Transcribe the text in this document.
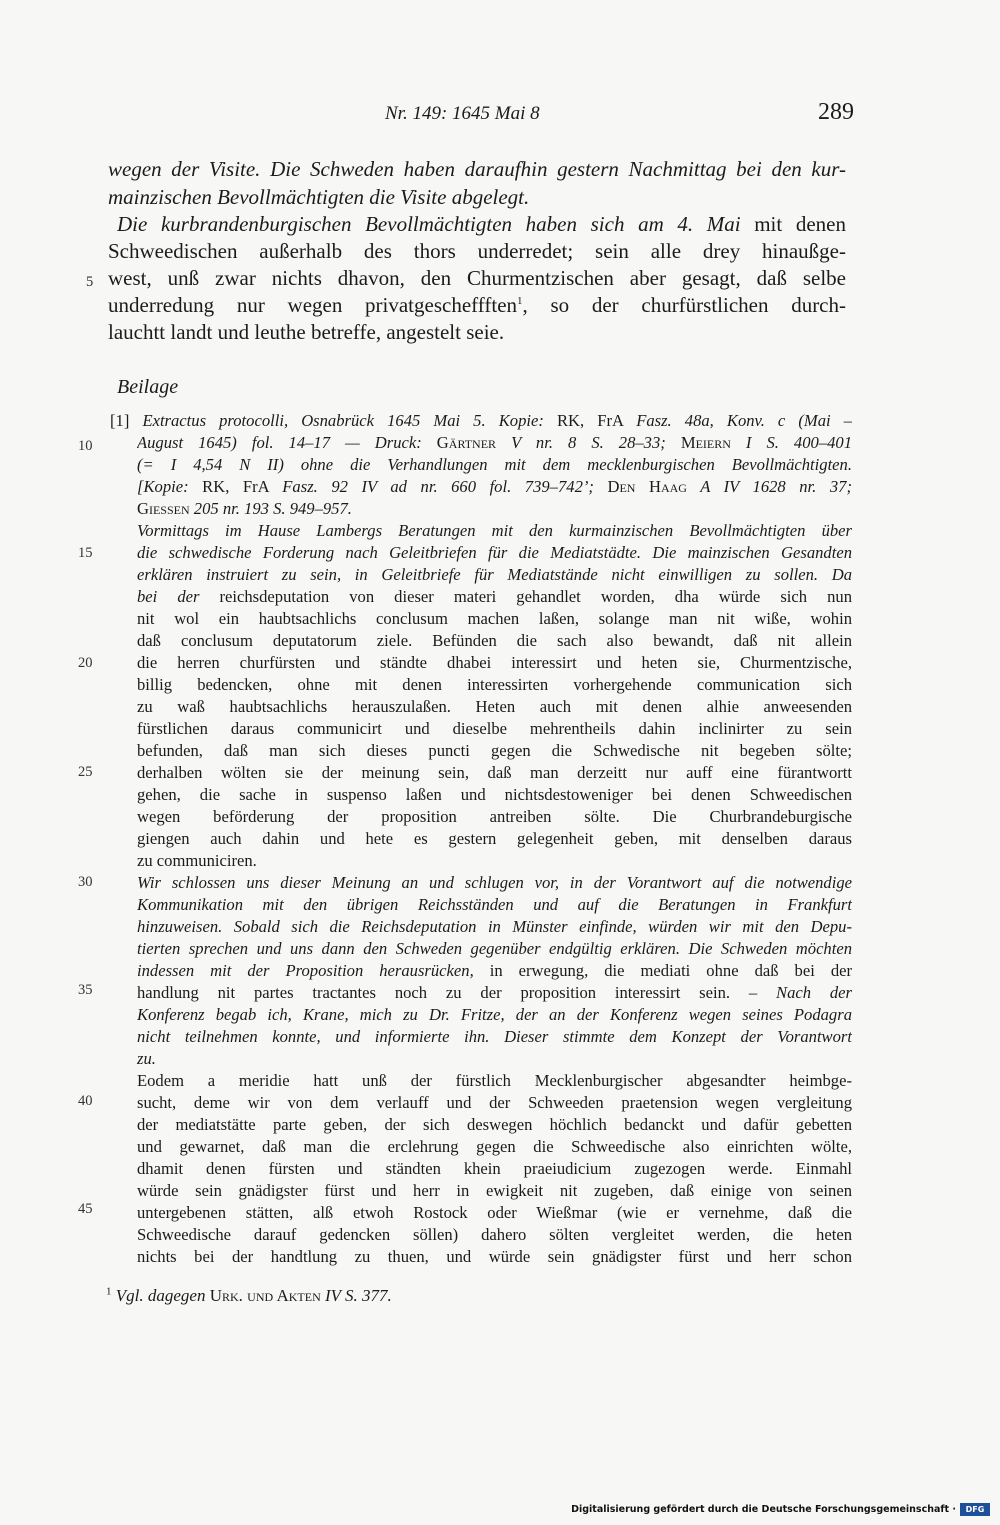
Nr. 149: 1645 Mai 8	289
wegen der Visite. Die Schweden haben daraufhin gestern Nachmittag bei den kur-
mainzischen Bevollmächtigten die Visite abgelegt.
Die kurbrandenburgischen Bevollmächtigten haben sich am 4. Mai mit denen
Schweedischen außerhalb des thors underredet; sein alle drey hinaußge-
west, unß zwar nichts dhavon, den Churmentzischen aber gesagt, daß selbe
underredung nur wegen privatgescheffften$^1$, so der churfürstlichen durch-
lauchtt landt und leuthe betreffe, angestelt seie.
Beilage
[1] Extractus protocolli, Osnabrück 1645 Mai 5. Kopie: RK, FrA Fasz. 48a, Konv. c (Mai –
August 1645) fol. 14–17 — Druck: Gärtner V nr. 8 S. 28–33; Meiern I S. 400–401
(= I 4,54 N II) ohne die Verhandlungen mit dem mecklenburgischen Bevollmächtigten.
[Kopie: RK, FrA Fasz. 92 IV ad nr. 660 fol. 739–742’; Den Haag A IV 1628 nr. 37;
Giessen 205 nr. 193 S. 949–957.
Vormittags im Hause Lambergs Beratungen mit den kurmainzischen Bevollmächtigten über
die schwedische Forderung nach Geleitbriefen für die Mediatstädte. Die mainzischen Gesandten
erklären instruiert zu sein, in Geleitbriefe für Mediatstände nicht einwilligen zu sollen. Da
bei der reichsdeputation von dieser materi gehandlet worden, dha würde sich nun
nit wol ein haubtsachlichs conclusum machen laßen, solange man nit wiße, wohin
daß conclusum deputatorum ziele. Befünden die sach also bewandt, daß nit allein
die herren churfürsten und ständte dhabei interessirt und heten sie, Churmentzische,
billig bedencken, ohne mit denen interessirten vorhergehende communication sich
zu waß haubtsachlichs herauszulaßen. Heten auch mit denen alhie anweesenden
fürstlichen daraus communicirt und dieselbe mehrentheils dahin inclinirter zu sein
befunden, daß man sich dieses puncti gegen die Schwedische nit begeben sölte;
derhalben wölten sie der meinung sein, daß man derzeitt nur auff eine fürantwortt
gehen, die sache in suspenso laßen und nichtsdestoweniger bei denen Schweedischen
wegen beförderung der proposition antreiben sölte. Die Churbrandeburgische
giengen auch dahin und hete es gestern gelegenheit geben, mit denselben daraus
zu communiciren.
Wir schlossen uns dieser Meinung an und schlugen vor, in der Vorantwort auf die notwendige
Kommunikation mit den übrigen Reichsständen und auf die Beratungen in Frankfurt
hinzuweisen. Sobald sich die Reichsdeputation in Münster einfinde, würden wir mit den Depu-
tierten sprechen und uns dann den Schweden gegenüber endgültig erklären. Die Schweden möchten
indessen mit der Proposition herausrücken, in erwegung, die mediati ohne daß bei der
handlung nit partes tractantes noch zu der proposition interessirt sein. – Nach der
Konferenz begab ich, Krane, mich zu Dr. Fritze, der an der Konferenz wegen seines Podagra
nicht teilnehmen konnte, und informierte ihn. Dieser stimmte dem Konzept der Vorantwort
zu.
Eodem a meridie hatt unß der fürstlich Mecklenburgischer abgesandter heimbge-
sucht, deme wir von dem verlauff und der Schweeden praetension wegen vergleitung
der mediatstätte parte geben, der sich deswegen höchlich bedanckt und dafür gebetten
und gewarnet, daß man die erclehrung gegen die Schweedische also einrichten wölte,
dhamit denen fürsten und ständten khein praeiudicium zugezogen werde. Einmahl
würde sein gnädigster fürst und herr in ewigkeit nit zugeben, daß einige von seinen
untergebenen stätten, alß etwoh Rostock oder Wießmar (wie er vernehme, daß die
Schweedische darauf gedencken söllen) dahero sölten vergleitet werden, die heten
nichts bei der handtlung zu thuen, und würde sein gnädigster fürst und herr schon
5
10
15
20
25
30
35
40
45
$^1$ Vgl. dagegen Urk. und Akten IV S. 377.
Digitalisierung gefördert durch die Deutsche Forschungsgemeinschaft ·	DFG
